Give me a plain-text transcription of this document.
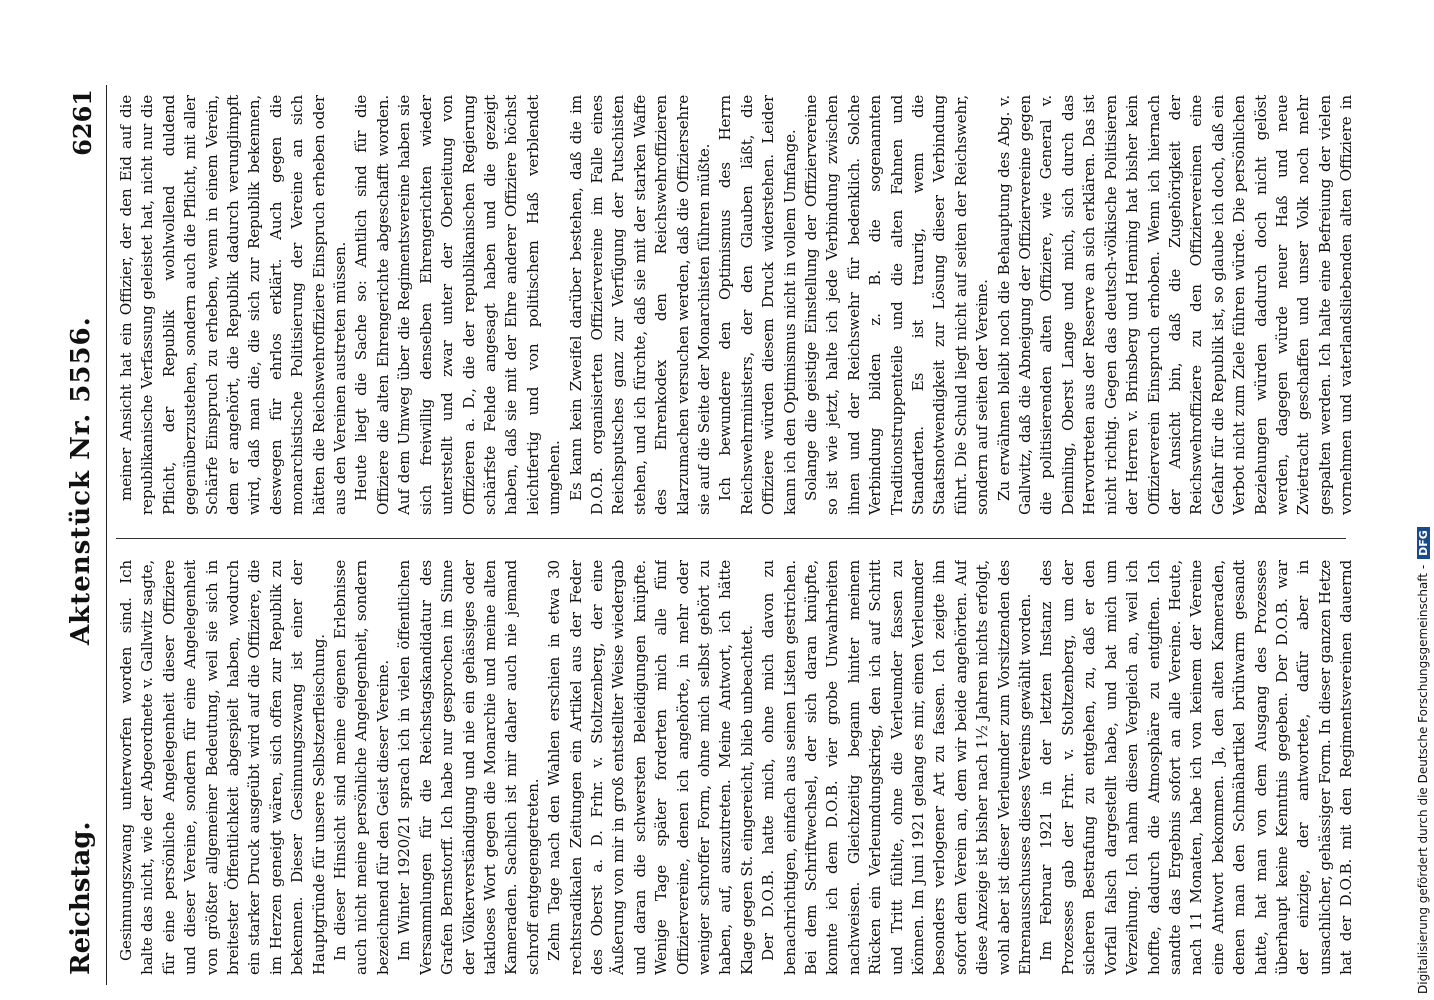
Reichstag.
Aktenstück Nr. 5556.
6261

Gesinnungszwang unterworfen worden sind. Ich halte das nicht, wie der Abgeordnete v. Gallwitz sagte, für eine persönliche Angelegenheit dieser Offiziere und dieser Vereine, sondern für eine Angelegenheit von größter allgemeiner Bedeutung, weil sie sich in breitester Öffentlichkeit abgespielt haben, wodurch ein starker Druck ausgeübt wird auf die Offiziere, die im Herzen geneigt wären, sich offen zur Republik zu bekennen. Dieser Gesinnungszwang ist einer der Hauptgründe für unsere Selbstzerfleischung. In dieser Hinsicht sind meine eigenen Erlebnisse auch nicht meine persönliche Angelegenheit, sondern bezeichnend für den Geist dieser Vereine. Im Winter 1920/21 sprach ich in vielen öffentlichen Versammlungen für die Reichstagskandidatur des Grafen Bernstorff. Ich habe nur gesprochen im Sinne der Völkerverständigung und nie ein gehässiges oder taktloses Wort gegen die Monarchie und meine alten Kameraden. Sachlich ist mir daher auch nie jemand schroff entgegengetreten. Zehn Tage nach den Wahlen erschien in etwa 30 rechtsradikalen Zeitungen ein Artikel aus der Feder des Oberst a. D. Frhr. v. Stoltzenberg, der eine Äußerung von mir in groß entstellter Weise wiedergab und daran die schwersten Beleidigungen knüpfte. Wenige Tage später forderten mich alle fünf Offiziervereine, denen ich angehörte, in mehr oder weniger schroffer Form, ohne mich selbst gehört zu haben, auf, auszutreten. Meine Antwort, ich hätte Klage gegen St. eingereicht, blieb unbeachtet. Der D.O.B. hatte mich, ohne mich davon zu benachrichtigen, einfach aus seinen Listen gestrichen. Bei dem Schriftwechsel, der sich daran knüpfte, konnte ich dem D.O.B. vier grobe Unwahrheiten nachweisen. Gleichzeitig begann hinter meinem Rücken ein Verleumdungskrieg, den ich auf Schritt und Tritt fühlte, ohne die Verleumder fassen zu können. Im Juni 1921 gelang es mir, einen Verleumder besonders verlogener Art zu fassen. Ich zeigte ihn sofort dem Verein an, dem wir beide angehörten. Auf diese Anzeige ist bisher nach 1½ Jahren nichts erfolgt, wohl aber ist dieser Verleumder zum Vorsitzenden des Ehrenausschusses dieses Vereins gewählt worden. Im Februar 1921 in der letzten Instanz des Prozesses gab der Frhr. v. Stoltzenberg, um der sicheren Bestrafung zu entgehen, zu, daß er den Vorfall falsch dargestellt habe, und bat mich um Verzeihung. Ich nahm diesen Vergleich an, weil ich hoffte, dadurch die Atmosphäre zu entgiften. Ich sandte das Ergebnis sofort an alle Vereine. Heute, nach 11 Monaten, habe ich von keinem der Vereine eine Antwort bekommen. Ja, den alten Kameraden, denen man den Schmähartikel brühwarm gesandt hatte, hat man von dem Ausgang des Prozesses überhaupt keine Kenntnis gegeben. Der D.O.B. war der einzige, der antwortete, dafür aber in unsachlicher, gehässiger Form. In dieser ganzen Hetze hat der D.O.B. mit den Regimentsvereinen dauernd

meiner Ansicht hat ein Offizier, der den Eid auf die republikanische Verfassung geleistet hat, nicht nur die Pflicht, der Republik wohlwollend duldend gegenüberzustehen, sondern auch die Pflicht, mit aller Schärfe Einspruch zu erheben, wenn in einem Verein, dem er angehört, die Republik dadurch verunglimpft wird, daß man die, die sich zur Republik bekennen, deswegen für ehrlos erklärt. Auch gegen die monarchistische Politisierung der Vereine an sich hätten die Reichswehroffiziere Einspruch erheben oder aus den Vereinen austreten müssen. Heute liegt die Sache so: Amtlich sind für die Offiziere die alten Ehrengerichte abgeschafft worden. Auf dem Umweg über die Regimentsvereine haben sie sich freiwillig denselben Ehrengerichten wieder unterstellt und zwar unter der Oberleitung von Offizieren a. D., die der republikanischen Regierung schärfste Fehde angesagt haben und die gezeigt haben, daß sie mit der Ehre anderer Offiziere höchst leichtfertig und von politischem Haß verblendet umgehen. Es kann kein Zweifel darüber bestehen, daß die im D.O.B. organisierten Offiziervereine im Falle eines Reichsputsches ganz zur Verfügung der Putschisten stehen, und ich fürchte, daß sie mit der starken Waffe des Ehrenkodex den Reichswehroffizieren klarzumachen versuchen werden, daß die Offiziersehre sie auf die Seite der Monarchisten führen müßte. Ich bewundere den Optimismus des Herrn Reichswehrministers, der den Glauben läßt, die Offiziere würden diesem Druck widerstehen. Leider kann ich den Optimismus nicht in vollem Umfange. Solange die geistige Einstellung der Offiziervereine so ist wie jetzt, halte ich jede Verbindung zwischen ihnen und der Reichswehr für bedenklich. Solche Verbindung bilden z. B. die sogenannten Traditionstruppenteile und die alten Fahnen und Standarten. Es ist traurig, wenn die Staatsnotwendigkeit zur Lösung dieser Verbindung führt. Die Schuld liegt nicht auf seiten der Reichswehr, sondern auf seiten der Vereine. Zu erwähnen bleibt noch die Behauptung des Abg. v. Gallwitz, daß die Abneigung der Offiziervereine gegen die politisierenden alten Offiziere, wie General v. Deimling, Oberst Lange und mich, sich durch das Hervortreten aus der Reserve an sich erklären. Das ist nicht richtig. Gegen das deutsch-völkische Politisieren der Herren v. Brinsberg und Henning hat bisher kein Offizierverein Einspruch erhoben. Wenn ich hiernach der Ansicht bin, daß die Zugehörigkeit der Reichswehroffiziere zu den Offiziervereinen eine Gefahr für die Republik ist, so glaube ich doch, daß ein Verbot nicht zum Ziele führen würde. Die persönlichen Beziehungen würden dadurch doch nicht gelöst werden, dagegen würde neuer Haß und neue Zwietracht geschaffen und unser Volk noch mehr gespalten werden. Ich halte eine Befreiung der vielen vornehmen und vaterlandsliebenden alten Offiziere in

Digitalisierung gefördert durch die Deutsche Forschungsgemeinschaft -DFG
